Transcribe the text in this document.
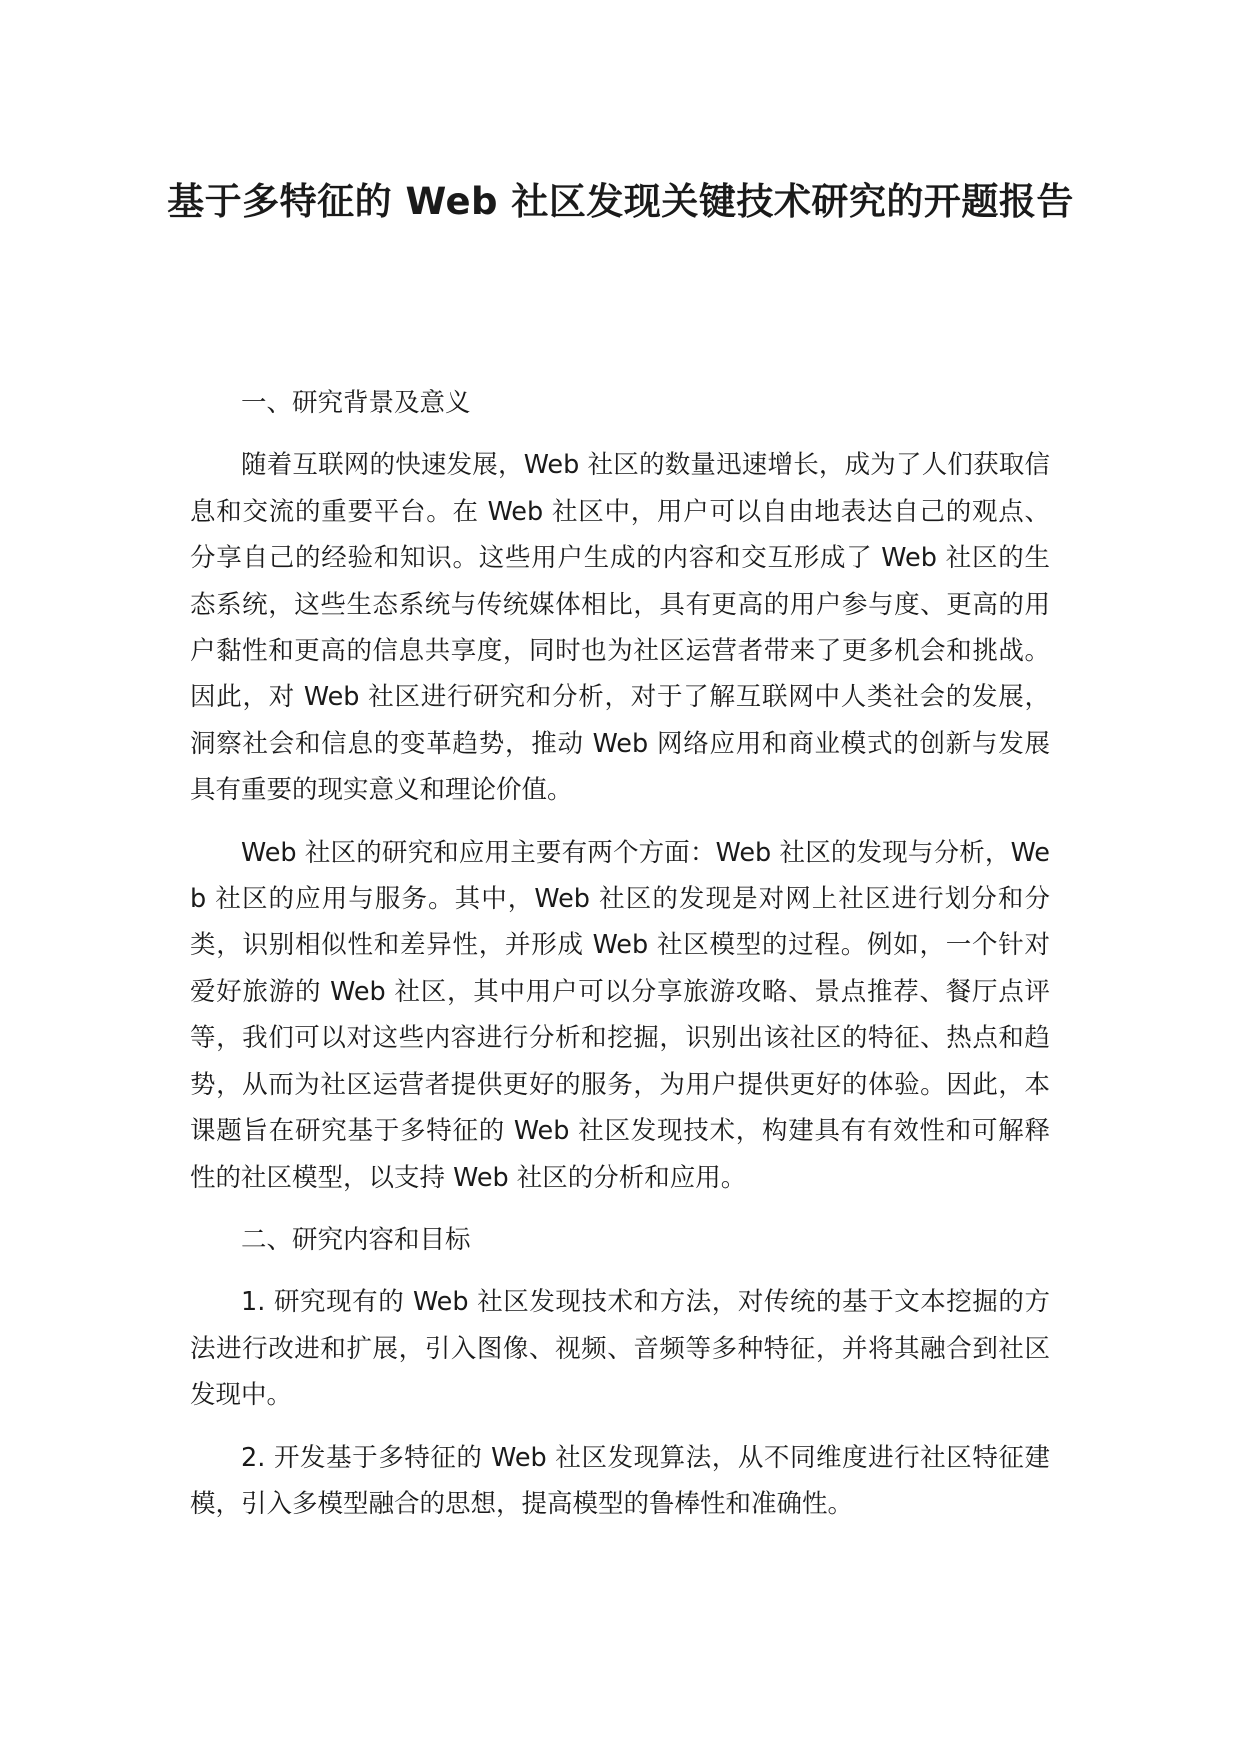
基于多特征的 Web 社区发现关键技术研究的开题报告

一、研究背景及意义

随着互联网的快速发展，Web 社区的数量迅速增长，成为了人们获取信息和交流的重要平台。在 Web 社区中，用户可以自由地表达自己的观点、分享自己的经验和知识。这些用户生成的内容和交互形成了 Web 社区的生态系统，这些生态系统与传统媒体相比，具有更高的用户参与度、更高的用户黏性和更高的信息共享度，同时也为社区运营者带来了更多机会和挑战。因此，对 Web 社区进行研究和分析，对于了解互联网中人类社会的发展，洞察社会和信息的变革趋势，推动 Web 网络应用和商业模式的创新与发展具有重要的现实意义和理论价值。

Web 社区的研究和应用主要有两个方面：Web 社区的发现与分析，Web 社区的应用与服务。其中，Web 社区的发现是对网上社区进行划分和分类，识别相似性和差异性，并形成 Web 社区模型的过程。例如，一个针对爱好旅游的 Web 社区，其中用户可以分享旅游攻略、景点推荐、餐厅点评等，我们可以对这些内容进行分析和挖掘，识别出该社区的特征、热点和趋势，从而为社区运营者提供更好的服务，为用户提供更好的体验。因此，本课题旨在研究基于多特征的 Web 社区发现技术，构建具有有效性和可解释性的社区模型，以支持 Web 社区的分析和应用。

二、研究内容和目标

1. 研究现有的 Web 社区发现技术和方法，对传统的基于文本挖掘的方法进行改进和扩展，引入图像、视频、音频等多种特征，并将其融合到社区发现中。

2. 开发基于多特征的 Web 社区发现算法，从不同维度进行社区特征建模，引入多模型融合的思想，提高模型的鲁棒性和准确性。
